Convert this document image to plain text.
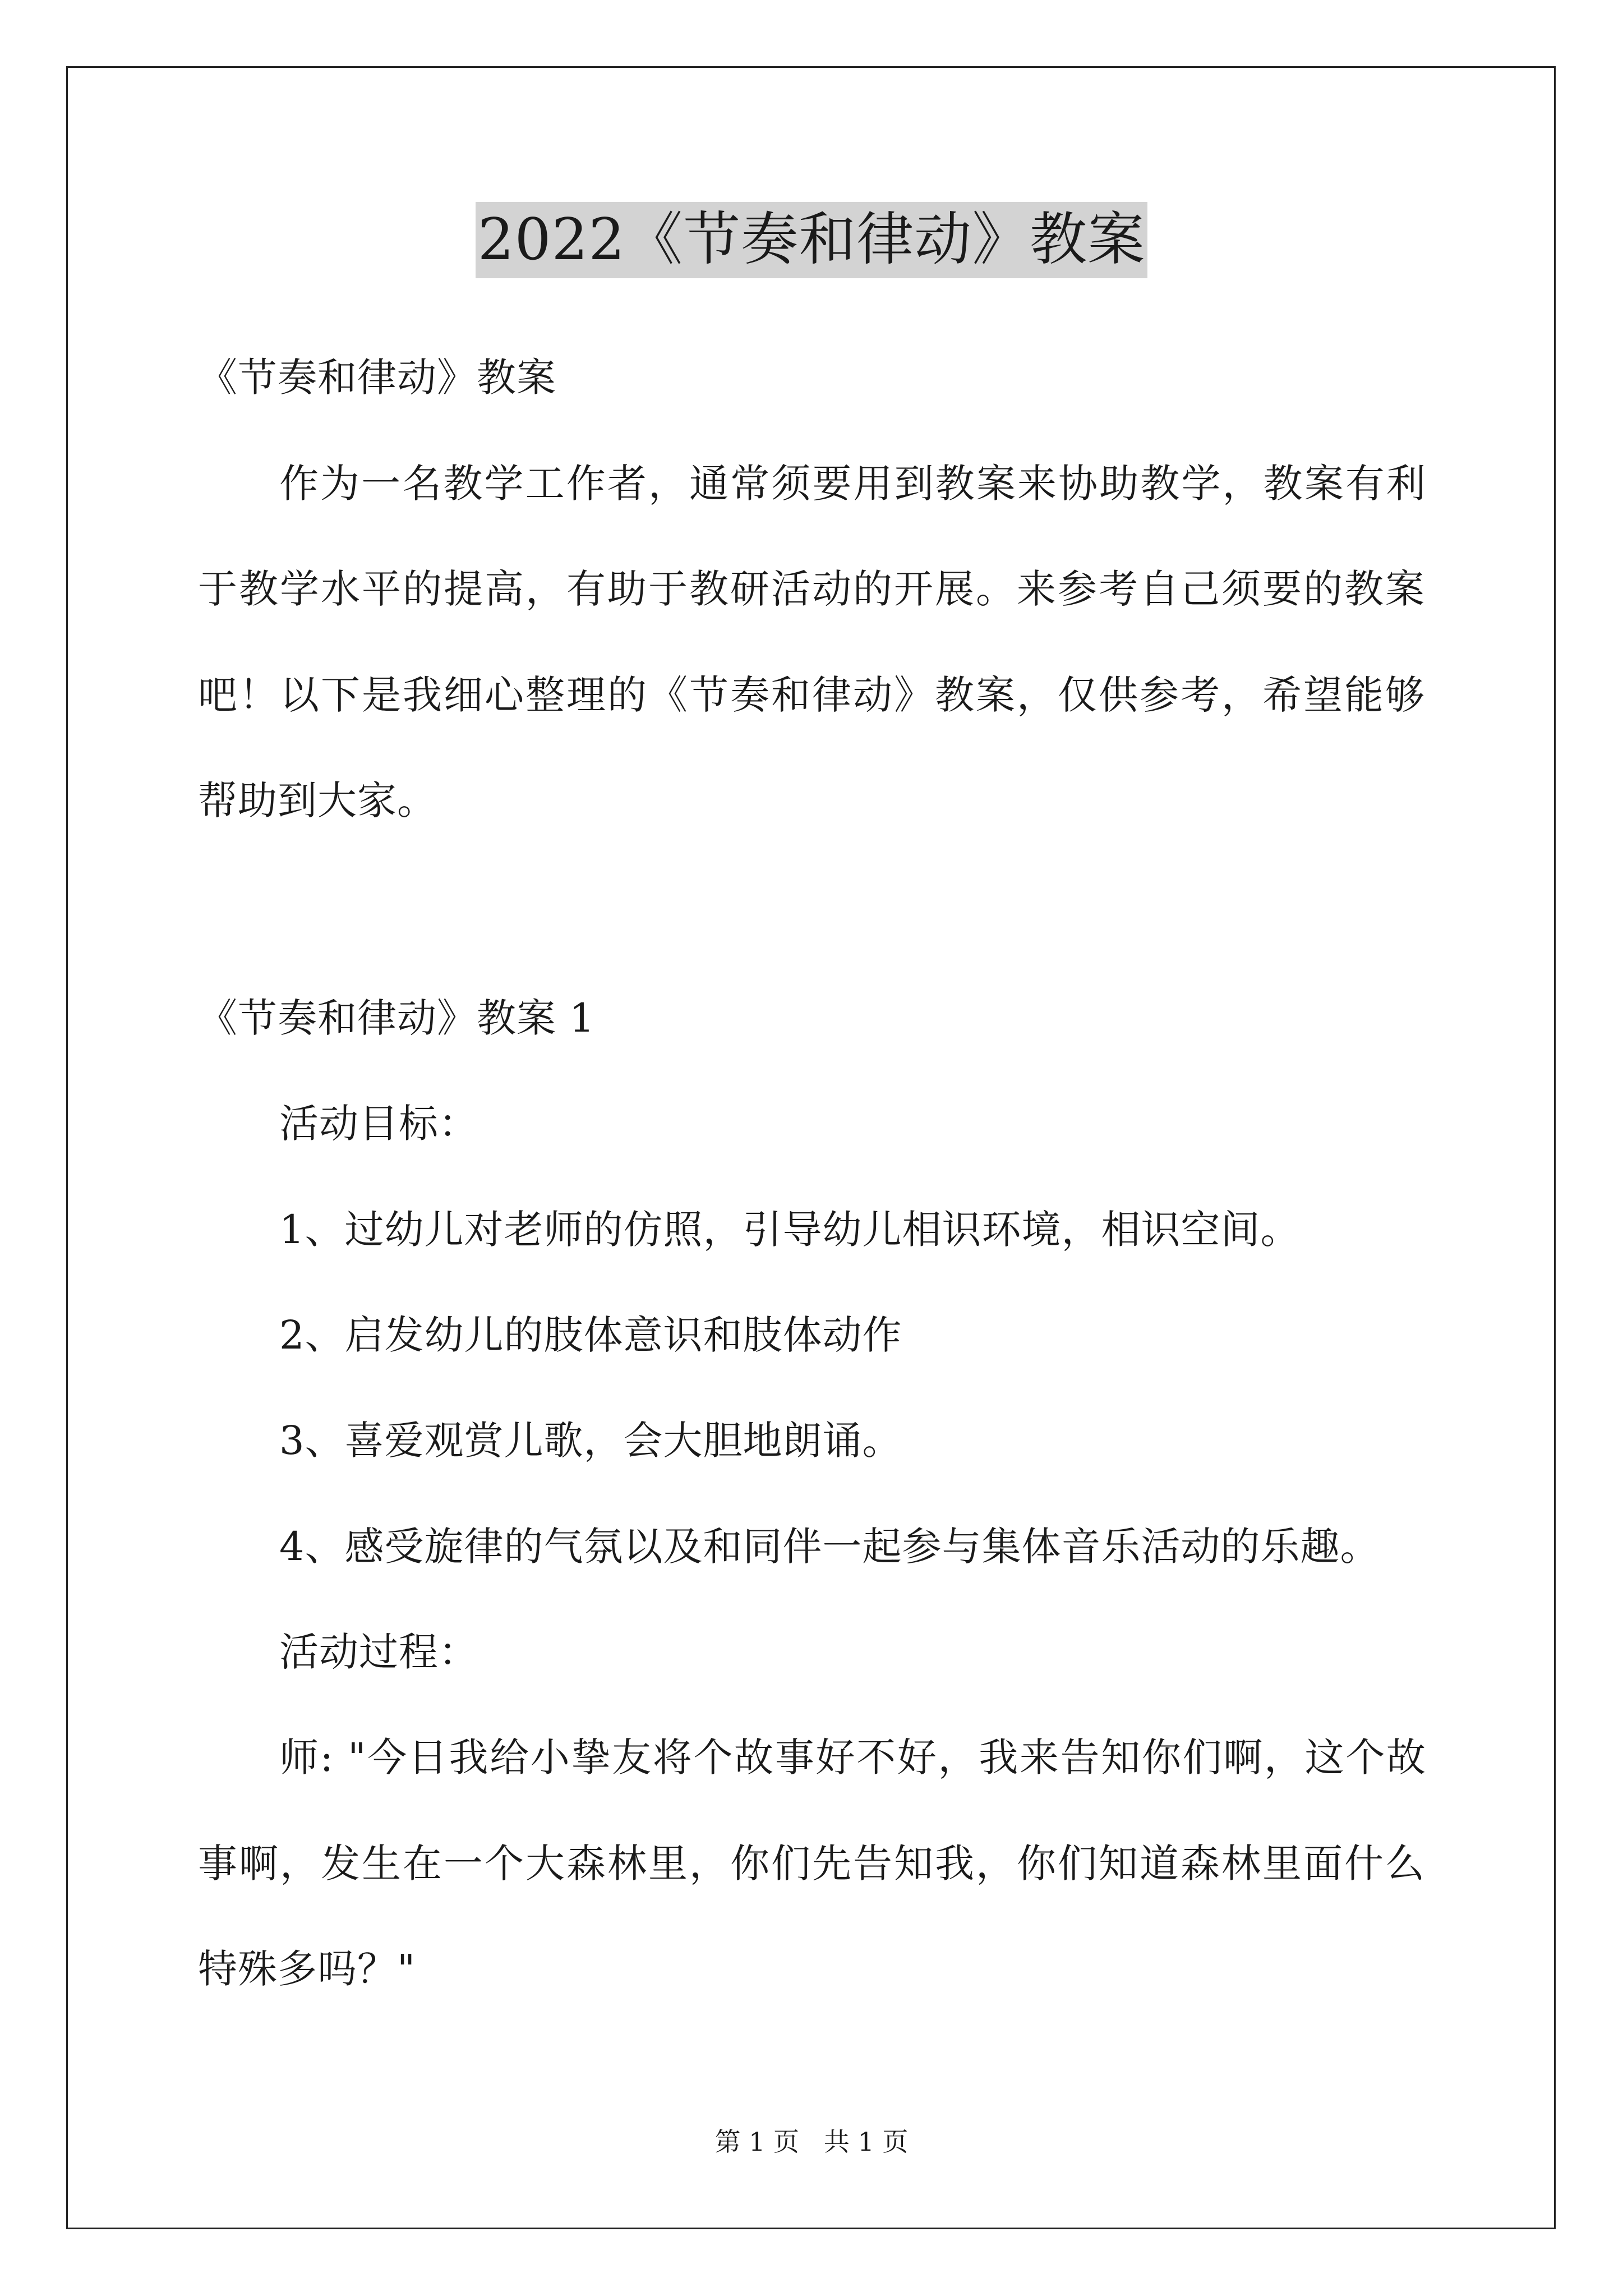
2022《节奏和律动》教案
《节奏和律动》教案
作为一名教学工作者，通常须要用到教案来协助教学，教案有利
于教学水平的提高，有助于教研活动的开展。来参考自己须要的教案
吧！以下是我细心整理的《节奏和律动》教案，仅供参考，希望能够
帮助到大家。
《节奏和律动》教案 1
活动目标：
1、过幼儿对老师的仿照，引导幼儿相识环境，相识空间。
2、启发幼儿的肢体意识和肢体动作
3、喜爱观赏儿歌，会大胆地朗诵。
4、感受旋律的气氛以及和同伴一起参与集体音乐活动的乐趣。
活动过程：
师: "今日我给小挚友将个故事好不好，我来告知你们啊，这个故
事啊，发生在一个大森林里，你们先告知我，你们知道森林里面什么
特殊多吗？"
第 1 页   共 1 页
